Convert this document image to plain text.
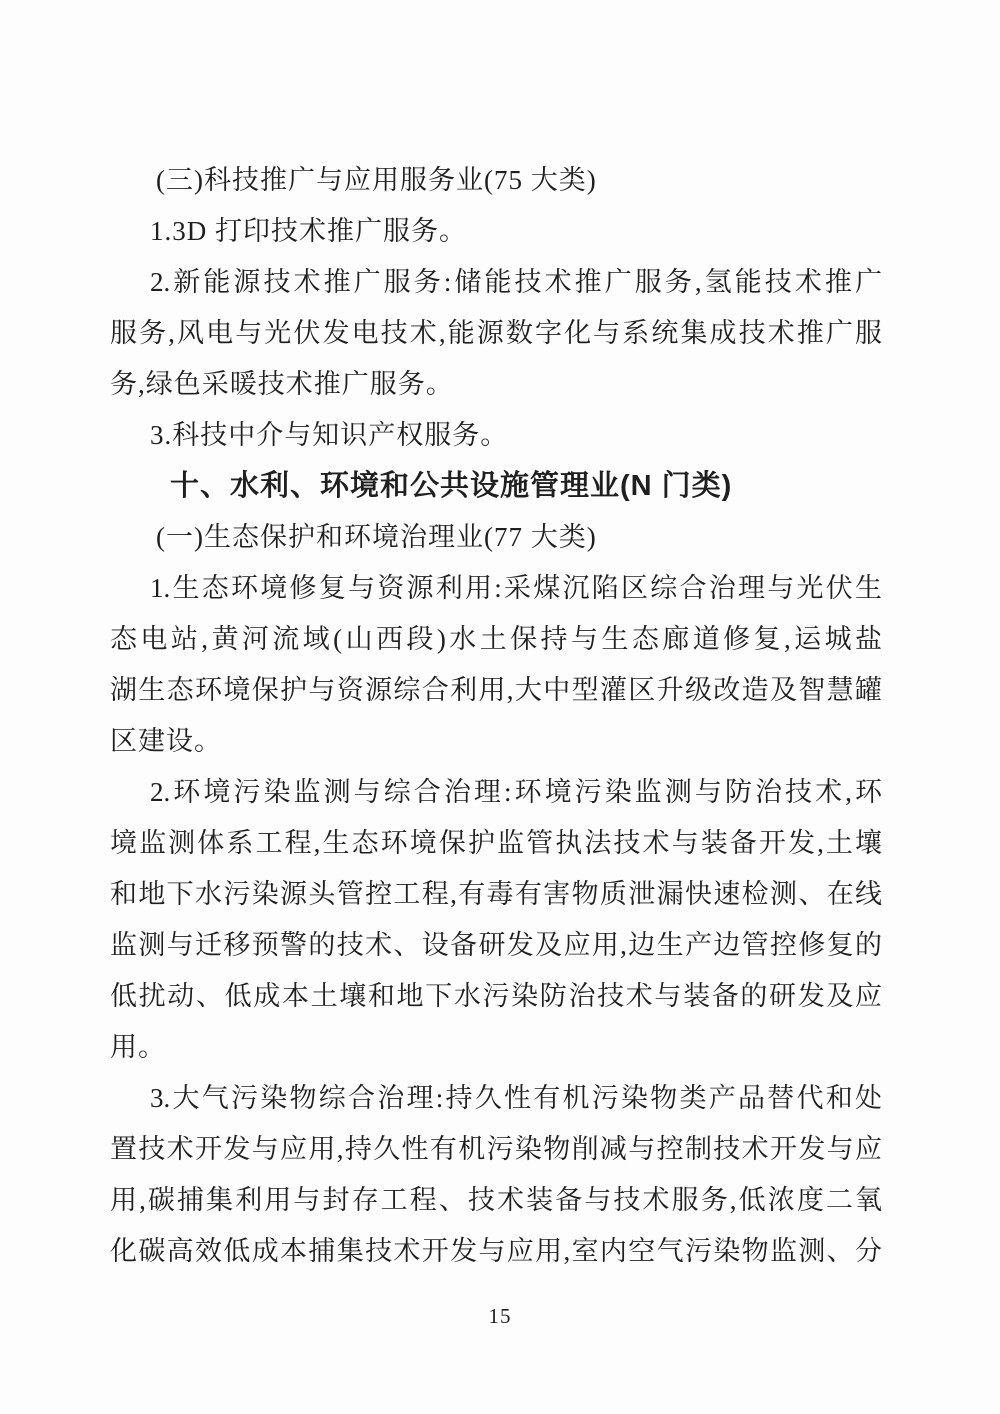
(三)科技推广与应用服务业(75 大类)
1.3D 打印技术推广服务。
2.新能源技术推广服务:储能技术推广服务,氢能技术推广
服务,风电与光伏发电技术,能源数字化与系统集成技术推广服
务,绿色采暖技术推广服务。
3.科技中介与知识产权服务。
十、水利、环境和公共设施管理业(N 门类)
(一)生态保护和环境治理业(77 大类)
1.生态环境修复与资源利用:采煤沉陷区综合治理与光伏生
态电站,黄河流域(山西段)水土保持与生态廊道修复,运城盐
湖生态环境保护与资源综合利用,大中型灌区升级改造及智慧罐
区建设。
2.环境污染监测与综合治理:环境污染监测与防治技术,环
境监测体系工程,生态环境保护监管执法技术与装备开发,土壤
和地下水污染源头管控工程,有毒有害物质泄漏快速检测、在线
监测与迁移预警的技术、设备研发及应用,边生产边管控修复的
低扰动、低成本土壤和地下水污染防治技术与装备的研发及应
用。
3.大气污染物综合治理:持久性有机污染物类产品替代和处
置技术开发与应用,持久性有机污染物削减与控制技术开发与应
用,碳捕集利用与封存工程、技术装备与技术服务,低浓度二氧
化碳高效低成本捕集技术开发与应用,室内空气污染物监测、分
15
